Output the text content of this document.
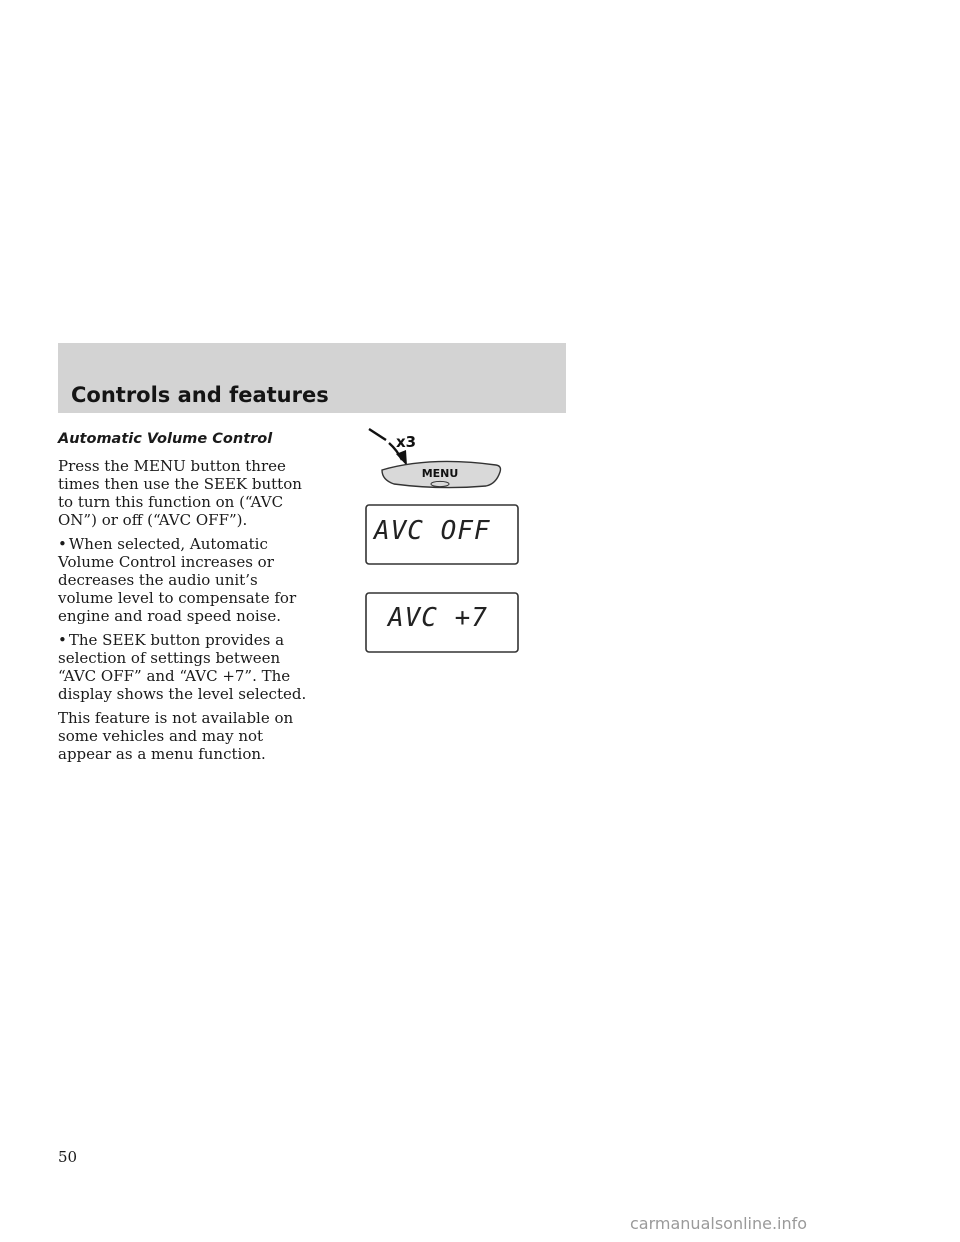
Controls and features
Automatic Volume Control

Press the MENU button three times then use the SEEK button to turn this function on (“AVC ON”) or off (“AVC OFF”).

• When selected, Automatic Volume Control increases or decreases the audio unit’s volume level to compensate for engine and road speed noise.

• The SEEK button provides a selection of settings between “AVC OFF” and “AVC +7”. The display shows the level selected.

This feature is not available on some vehicles and may not appear as a menu function.

x3
MENU
AVC OFF
AVC +7

50

carmanualsonline.info
